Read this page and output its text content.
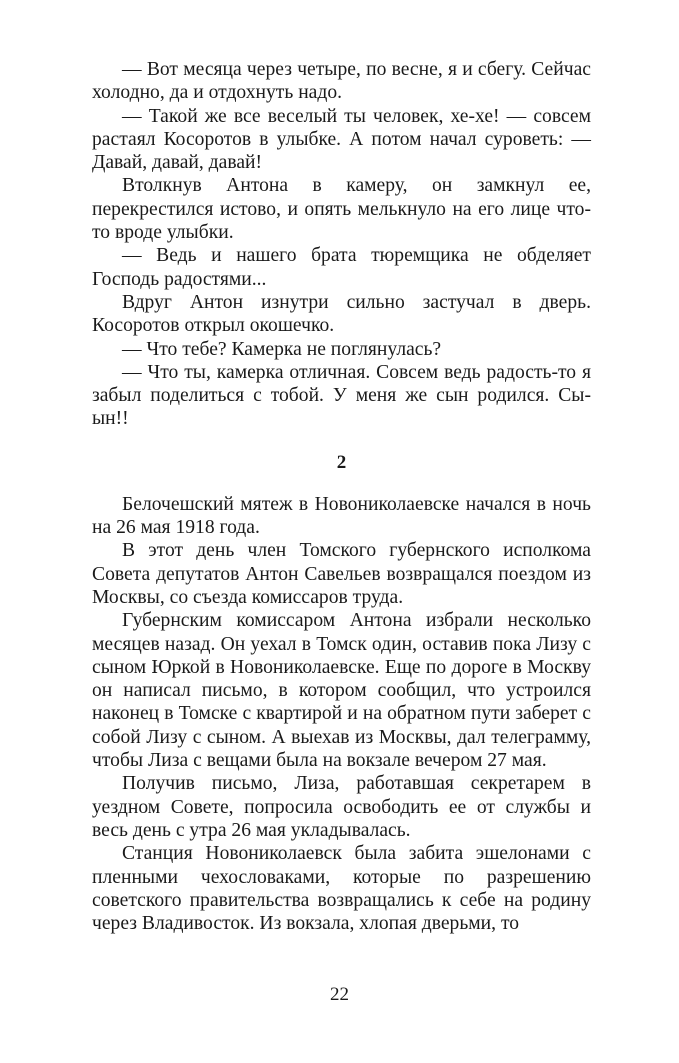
— Вот месяца через четыре, по весне, я и сбегу. Сейчас холодно, да и отдохнуть надо.

— Такой же все веселый ты человек, хе-хе! — совсем растаял Косоротов в улыбке. А потом начал суроветь: — Давай, давай, давай!

Втолкнув Антона в камеру, он замкнул ее, перекрестился истово, и опять мелькнуло на его лице что-то вроде улыбки.

— Ведь и нашего брата тюремщика не обделяет Господь радостями...

Вдруг Антон изнутри сильно застучал в дверь. Косоротов открыл окошечко.

— Что тебе? Камерка не поглянулась?

— Что ты, камерка отличная. Совсем ведь радость-то я забыл поделиться с тобой. У меня же сын родился. Сы-ын!!

2

Белочешский мятеж в Новониколаевске начался в ночь на 26 мая 1918 года.

В этот день член Томского губернского исполкома Совета депутатов Антон Савельев возвращался поездом из Москвы, со съезда комиссаров труда.

Губернским комиссаром Антона избрали несколько месяцев назад. Он уехал в Томск один, оставив пока Лизу с сыном Юркой в Новониколаевске. Еще по дороге в Москву он написал письмо, в котором сообщил, что устроился наконец в Томске с квартирой и на обратном пути заберет с собой Лизу с сыном. А выехав из Москвы, дал телеграмму, чтобы Лиза с вещами была на вокзале вечером 27 мая.

Получив письмо, Лиза, работавшая секретарем в уездном Совете, попросила освободить ее от службы и весь день с утра 26 мая укладывалась.

Станция Новониколаевск была забита эшелонами с пленными чехословаками, которые по разрешению советского правительства возвращались к себе на родину через Владивосток. Из вокзала, хлопая дверьми, то

22
